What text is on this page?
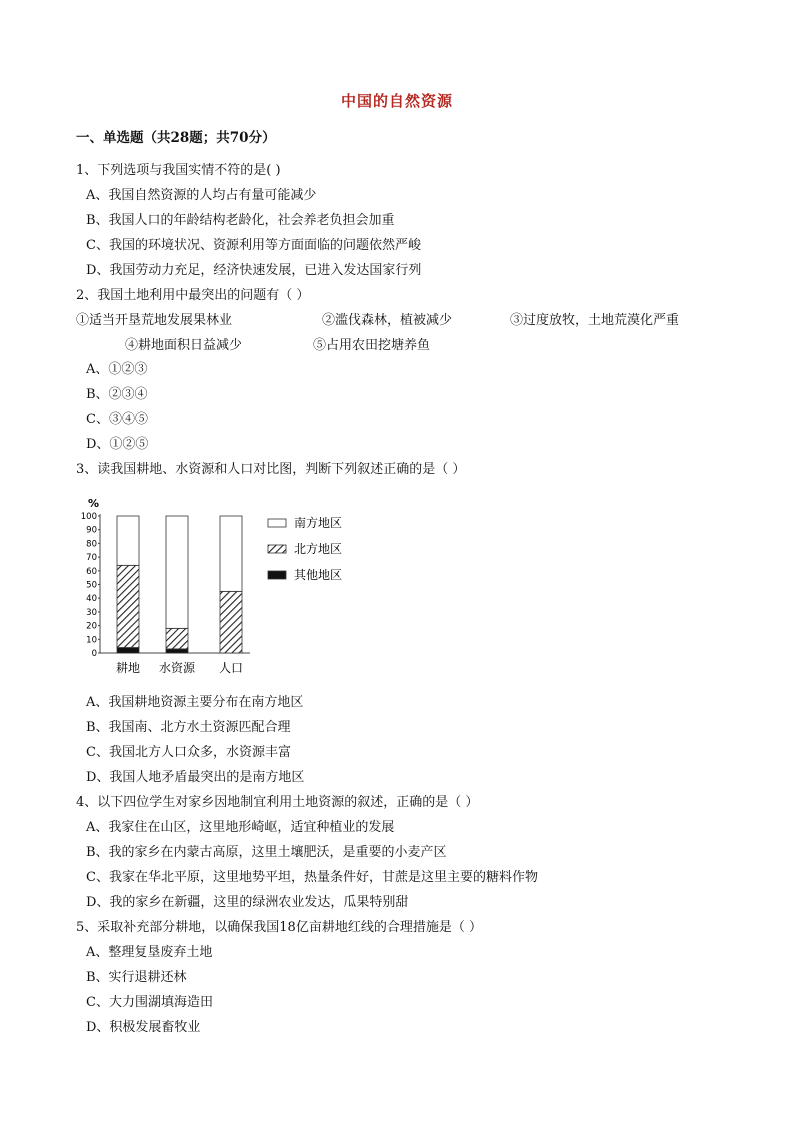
中国的自然资源
一、单选题（共28题；共70分）
1、下列选项与我国实情不符的是( )
A、我国自然资源的人均占有量可能减少
B、我国人口的年龄结构老龄化，社会养老负担会加重
C、我国的环境状况、资源利用等方面面临的问题依然严峻
D、我国劳动力充足，经济快速发展，已进入发达国家行列
2、我国土地利用中最突出的问题有（ ）
①适当开垦荒地发展果林业	②滥伐森林，植被减少	③过度放牧，土地荒漠化严重
④耕地面积日益减少	⑤占用农田挖塘养鱼
A、①②③
B、②③④
C、③④⑤
D、①②⑤
3、读我国耕地、水资源和人口对比图，判断下列叙述正确的是（ ）
%
0
10
20
30
40
50
60
70
80
90
100
耕地 水资源 人口
南方地区
北方地区
其他地区
A、我国耕地资源主要分布在南方地区
B、我国南、北方水土资源匹配合理
C、我国北方人口众多，水资源丰富
D、我国人地矛盾最突出的是南方地区
4、以下四位学生对家乡因地制宜利用土地资源的叙述，正确的是（ ）
A、我家住在山区，这里地形崎岖，适宜种植业的发展
B、我的家乡在内蒙古高原，这里土壤肥沃，是重要的小麦产区
C、我家在华北平原，这里地势平坦，热量条件好，甘蔗是这里主要的糖料作物
D、我的家乡在新疆，这里的绿洲农业发达，瓜果特别甜
5、采取补充部分耕地，以确保我国18亿亩耕地红线的合理措施是（ ）
A、整理复垦废弃土地
B、实行退耕还林
C、大力围湖填海造田
D、积极发展畜牧业
